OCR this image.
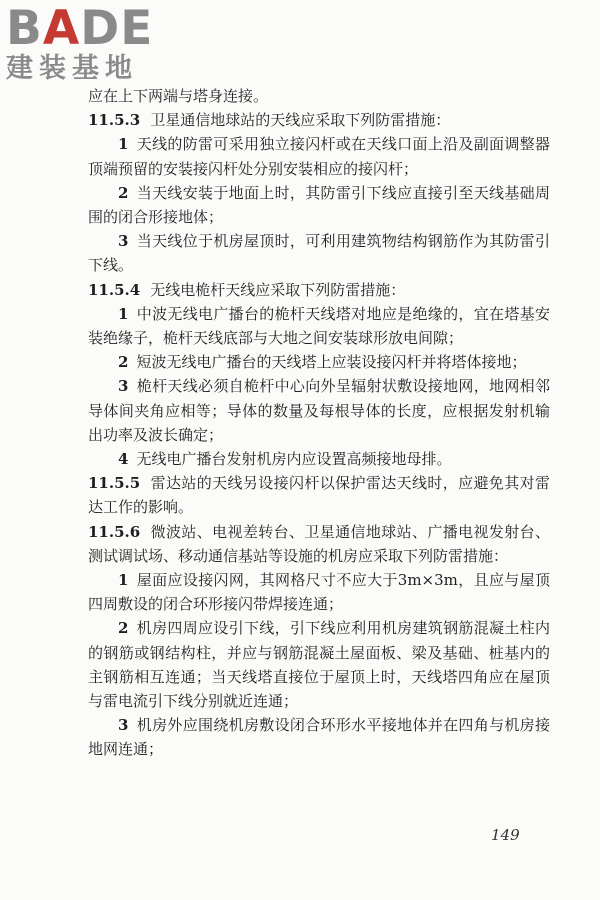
BADE
建装基地

应在上下两端与塔身连接。

11.5.3 卫星通信地球站的天线应采取下列防雷措施：

1 天线的防雷可采用独立接闪杆或在天线口面上沿及副面调整器顶端预留的安装接闪杆处分别安装相应的接闪杆；

2 当天线安装于地面上时，其防雷引下线应直接引至天线基础周围的闭合形接地体；

3 当天线位于机房屋顶时，可利用建筑物结构钢筋作为其防雷引下线。

11.5.4 无线电桅杆天线应采取下列防雷措施：

1 中波无线电广播台的桅杆天线塔对地应是绝缘的，宜在塔基安装绝缘子，桅杆天线底部与大地之间安装球形放电间隙；

2 短波无线电广播台的天线塔上应装设接闪杆并将塔体接地；

3 桅杆天线必须自桅杆中心向外呈辐射状敷设接地网，地网相邻导体间夹角应相等；导体的数量及每根导体的长度，应根据发射机输出功率及波长确定；

4 无线电广播台发射机房内应设置高频接地母排。

11.5.5 雷达站的天线另设接闪杆以保护雷达天线时，应避免其对雷达工作的影响。

11.5.6 微波站、电视差转台、卫星通信地球站、广播电视发射台、测试调试场、移动通信基站等设施的机房应采取下列防雷措施：

1 屋面应设接闪网，其网格尺寸不应大于3m×3m，且应与屋顶四周敷设的闭合环形接闪带焊接连通；

2 机房四周应设引下线，引下线应利用机房建筑钢筋混凝土柱内的钢筋或钢结构柱，并应与钢筋混凝土屋面板、梁及基础、桩基内的主钢筋相互连通；当天线塔直接位于屋顶上时，天线塔四角应在屋顶与雷电流引下线分别就近连通；

3 机房外应围绕机房敷设闭合环形水平接地体并在四角与机房接地网连通；

149
